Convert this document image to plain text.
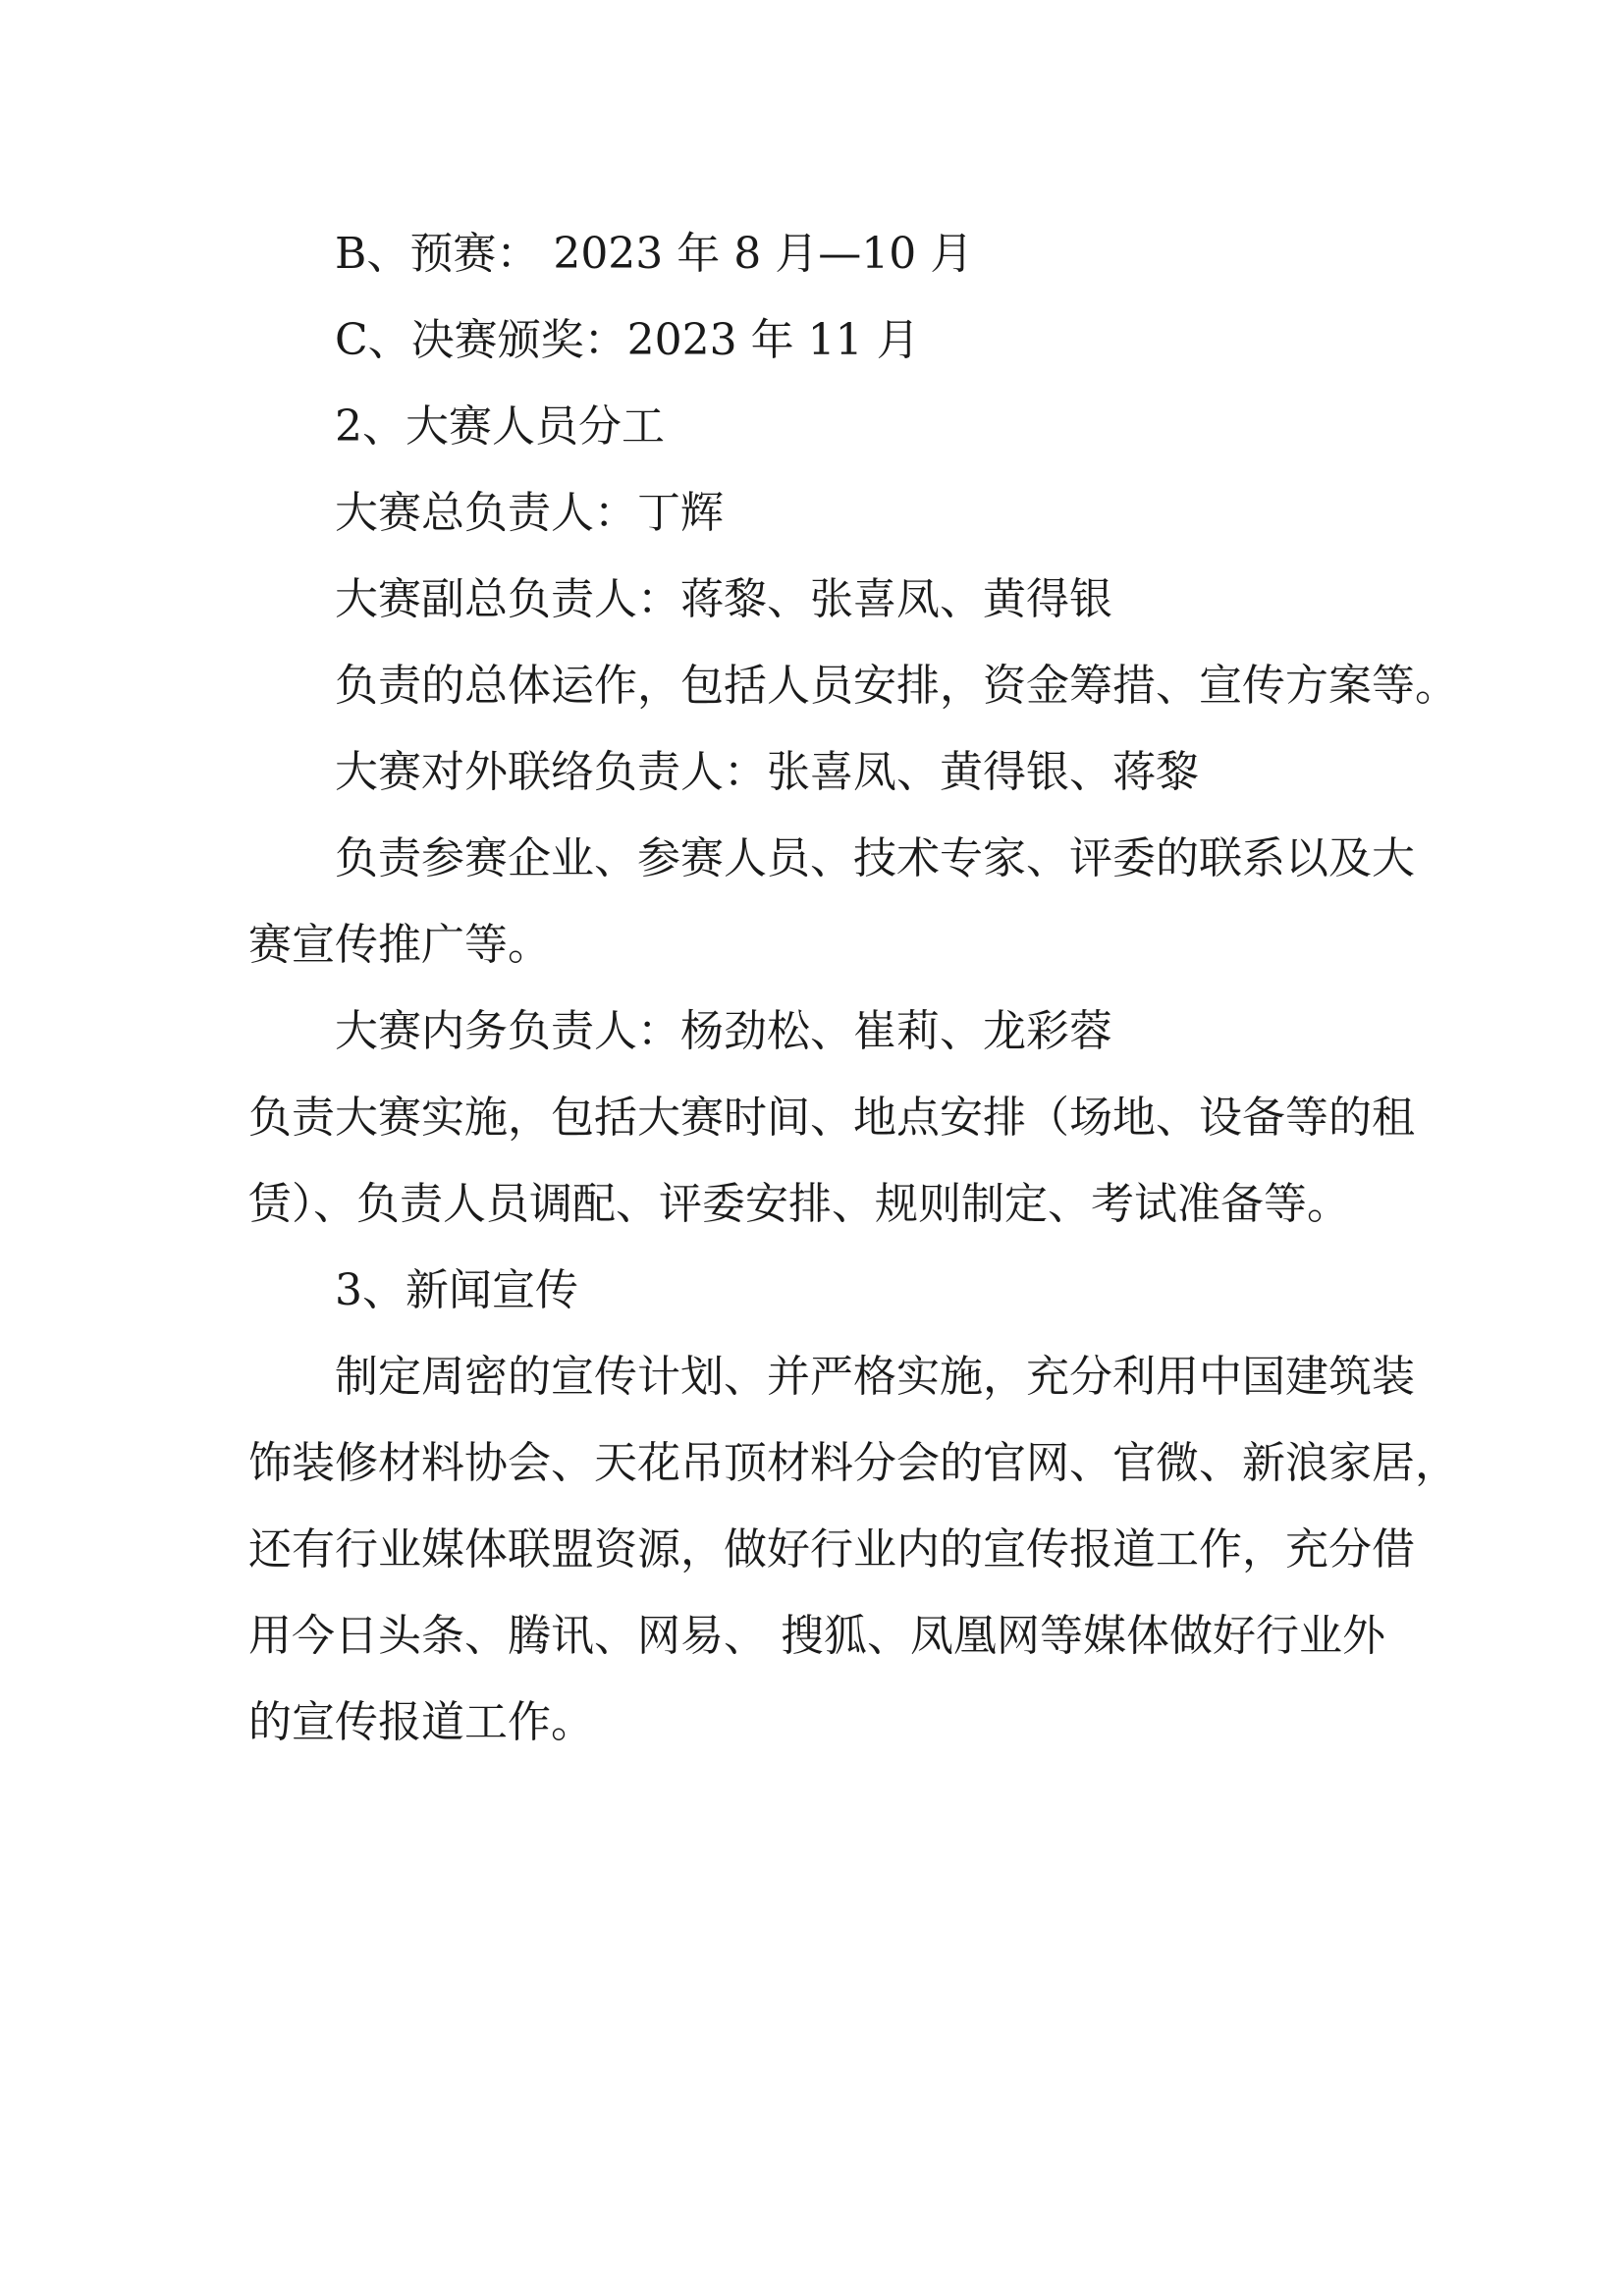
B、预赛： 2023 年 8 月—10 月
C、决赛颁奖：2023 年 11 月
2、大赛人员分工
大赛总负责人：丁辉
大赛副总负责人：蒋黎、张喜凤、黄得银
负责的总体运作，包括人员安排，资金筹措、宣传方案等。
大赛对外联络负责人：张喜凤、黄得银、蒋黎
负责参赛企业、参赛人员、技术专家、评委的联系以及大
赛宣传推广等。
大赛内务负责人：杨劲松、崔莉、龙彩蓉
负责大赛实施，包括大赛时间、地点安排（场地、设备等的租
赁）、负责人员调配、评委安排、规则制定、考试准备等。
3、新闻宣传
制定周密的宣传计划、并严格实施，充分利用中国建筑装
饰装修材料协会、天花吊顶材料分会的官网、官微、新浪家居，
还有行业媒体联盟资源，做好行业内的宣传报道工作，充分借
用今日头条、腾讯、网易、 搜狐、凤凰网等媒体做好行业外
的宣传报道工作。
